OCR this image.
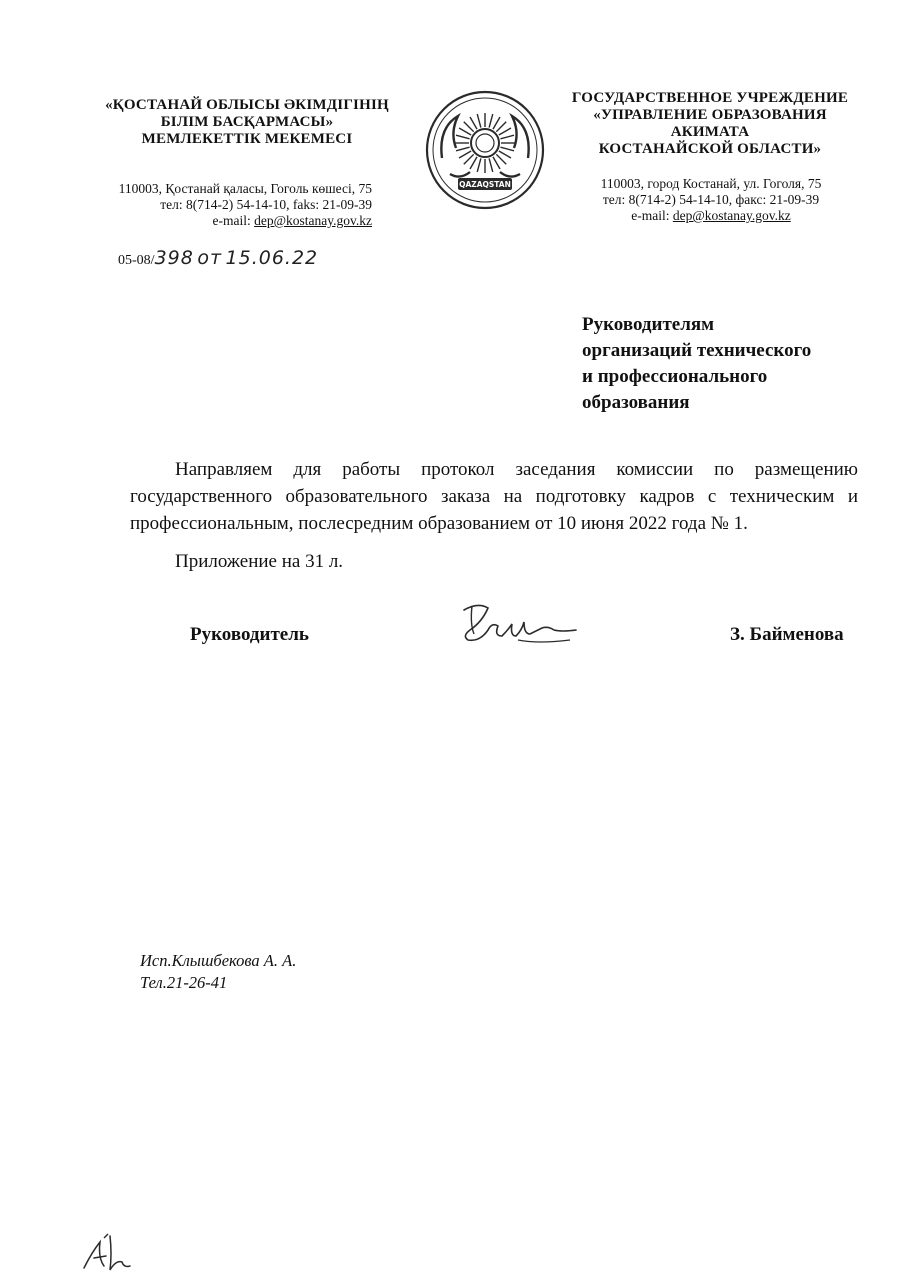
«ҚОСТАНАЙ ОБЛЫСЫ ӘКІМДІГІНІҢ
БІЛІМ БАСҚАРМАСЫ»
МЕМЛЕКЕТТІК МЕКЕМЕСІ
110003, Қостанай қаласы, Гоголь көшесі, 75
тел: 8(714-2) 54-14-10, faks: 21-09-39
e-mail: dep@kostanay.gov.kz
QAZAQSTAN
ГОСУДАРСТВЕННОЕ УЧРЕЖДЕНИЕ
«УПРАВЛЕНИЕ ОБРАЗОВАНИЯ
АКИМАТА
КОСТАНАЙСКОЙ ОБЛАСТИ»
110003, город Костанай, ул. Гоголя, 75
тел: 8(714-2) 54-14-10, факс: 21-09-39
e-mail: dep@kostanay.gov.kz
05-08/398 от 15.06.22
Руководителям
организаций технического
и профессионального
образования

Направляем для работы протокол заседания комиссии по размещению государственного образовательного заказа на подготовку кадров с техническим и профессиональным, послесредним образованием от 10 июня 2022 года № 1.

Приложение на 31 л.
Руководитель	З. Байменова
Исп.Клышбекова А. А.
Тел.21-26-41
